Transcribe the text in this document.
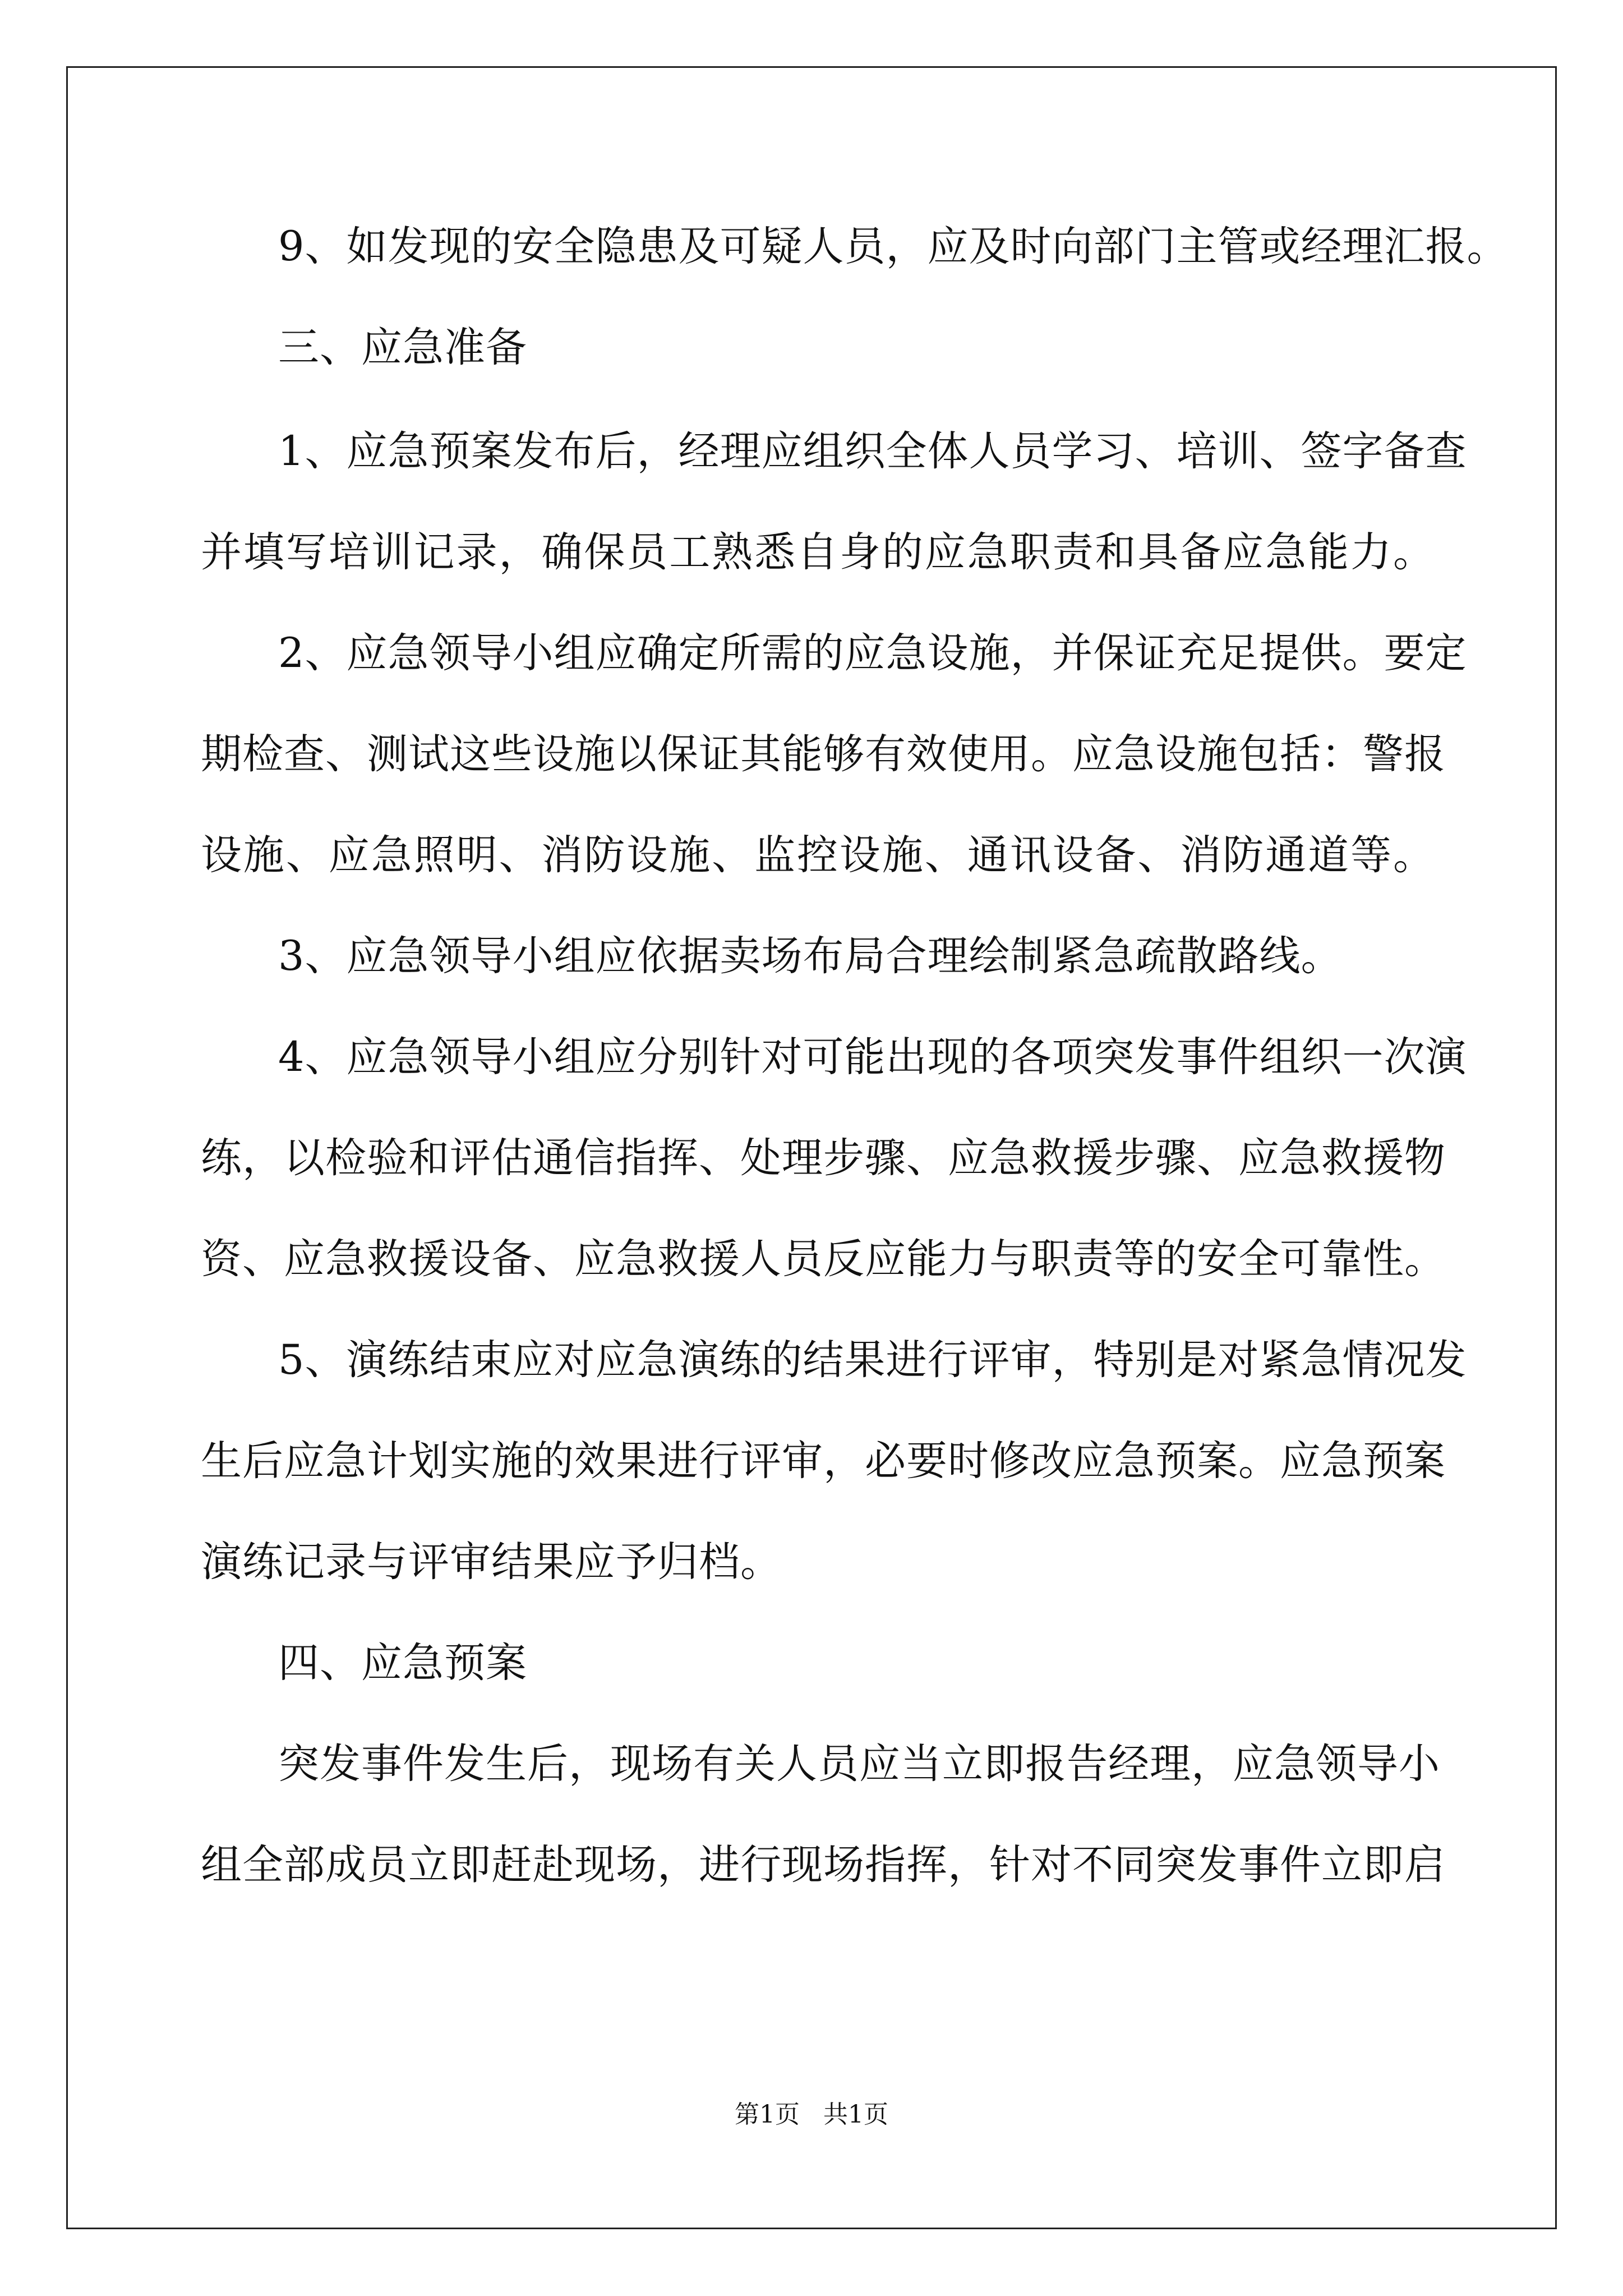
9、如发现的安全隐患及可疑人员，应及时向部门主管或经理汇报。
三、应急准备
1、应急预案发布后，经理应组织全体人员学习、培训、签字备查
并填写培训记录，确保员工熟悉自身的应急职责和具备应急能力。
2、应急领导小组应确定所需的应急设施，并保证充足提供。要定
期检查、测试这些设施以保证其能够有效使用。应急设施包括：警报
设施、应急照明、消防设施、监控设施、通讯设备、消防通道等。
3、应急领导小组应依据卖场布局合理绘制紧急疏散路线。
4、应急领导小组应分别针对可能出现的各项突发事件组织一次演
练，以检验和评估通信指挥、处理步骤、应急救援步骤、应急救援物
资、应急救援设备、应急救援人员反应能力与职责等的安全可靠性。
5、演练结束应对应急演练的结果进行评审，特别是对紧急情况发
生后应急计划实施的效果进行评审，必要时修改应急预案。应急预案
演练记录与评审结果应予归档。
四、应急预案
突发事件发生后，现场有关人员应当立即报告经理，应急领导小
组全部成员立即赶赴现场，进行现场指挥，针对不同突发事件立即启
第1页   共1页
